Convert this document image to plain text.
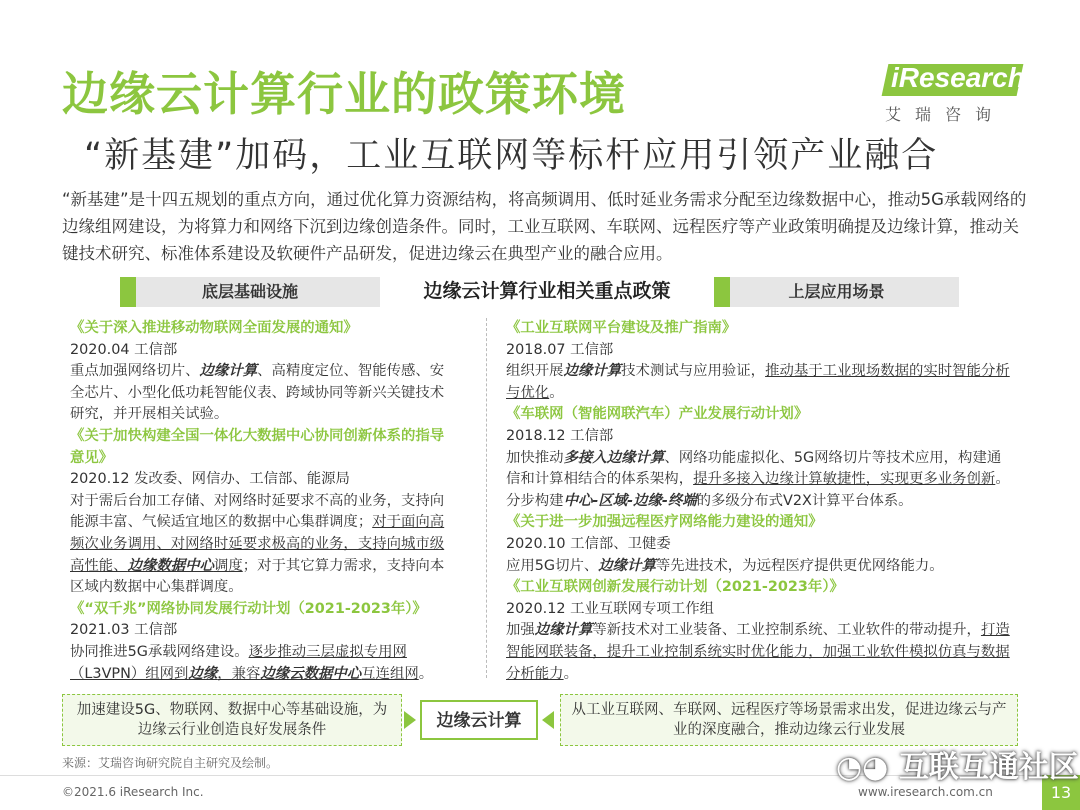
边缘云计算行业的政策环境
“新基建”加码，工业互联网等标杆应用引领产业融合
iResearch
艾瑞咨询
“新基建”是十四五规划的重点方向，通过优化算力资源结构，将高频调用、低时延业务需求分配至边缘数据中心，推动5G承载网络的边缘组网建设，为将算力和网络下沉到边缘创造条件。同时，工业互联网、车联网、远程医疗等产业政策明确提及边缘计算，推动关键技术研究、标准体系建设及软硬件产品研发，促进边缘云在典型产业的融合应用。
底层基础设施	边缘云计算行业相关重点政策	上层应用场景
《关于深入推进移动物联网全面发展的通知》
2020.04 工信部
重点加强网络切片、边缘计算、高精度定位、智能传感、安全芯片、小型化低功耗智能仪表、跨域协同等新兴关键技术研究，并开展相关试验。
《关于加快构建全国一体化大数据中心协同创新体系的指导意见》
2020.12 发改委、网信办、工信部、能源局
对于需后台加工存储、对网络时延要求不高的业务，支持向能源丰富、气候适宜地区的数据中心集群调度；对于面向高频次业务调用、对网络时延要求极高的业务，支持向城市级高性能、边缘数据中心调度；对于其它算力需求，支持向本区域内数据中心集群调度。
《“双千兆”网络协同发展行动计划（2021-2023年）》
2021.03 工信部
协同推进5G承载网络建设。逐步推动三层虚拟专用网（L3VPN）组网到边缘，兼容边缘云数据中心互连组网。
《工业互联网平台建设及推广指南》
2018.07 工信部
组织开展边缘计算技术测试与应用验证，推动基于工业现场数据的实时智能分析与优化。
《车联网（智能网联汽车）产业发展行动计划》
2018.12 工信部
加快推动多接入边缘计算、网络功能虚拟化、5G网络切片等技术应用，构建通信和计算相结合的体系架构，提升多接入边缘计算敏捷性，实现更多业务创新。分步构建中心-区域-边缘-终端的多级分布式V2X计算平台体系。
《关于进一步加强远程医疗网络能力建设的通知》
2020.10 工信部、卫健委
应用5G切片、边缘计算等先进技术，为远程医疗提供更优网络能力。
《工业互联网创新发展行动计划（2021-2023年）》
2020.12 工业互联网专项工作组
加强边缘计算等新技术对工业装备、工业控制系统、工业软件的带动提升，打造智能网联装备，提升工业控制系统实时优化能力，加强工业软件模拟仿真与数据分析能力。
加速建设5G、物联网、数据中心等基础设施，为边缘云行业创造良好发展条件	边缘云计算
从工业互联网、车联网、远程医疗等场景需求出发，促进边缘云与产业的深度融合，推动边缘云行业发展
来源：艾瑞咨询研究院自主研究及绘制。
©2021.6 iResearch Inc.	www.iresearch.com.cn	13
◔◕ 互联互通社区
